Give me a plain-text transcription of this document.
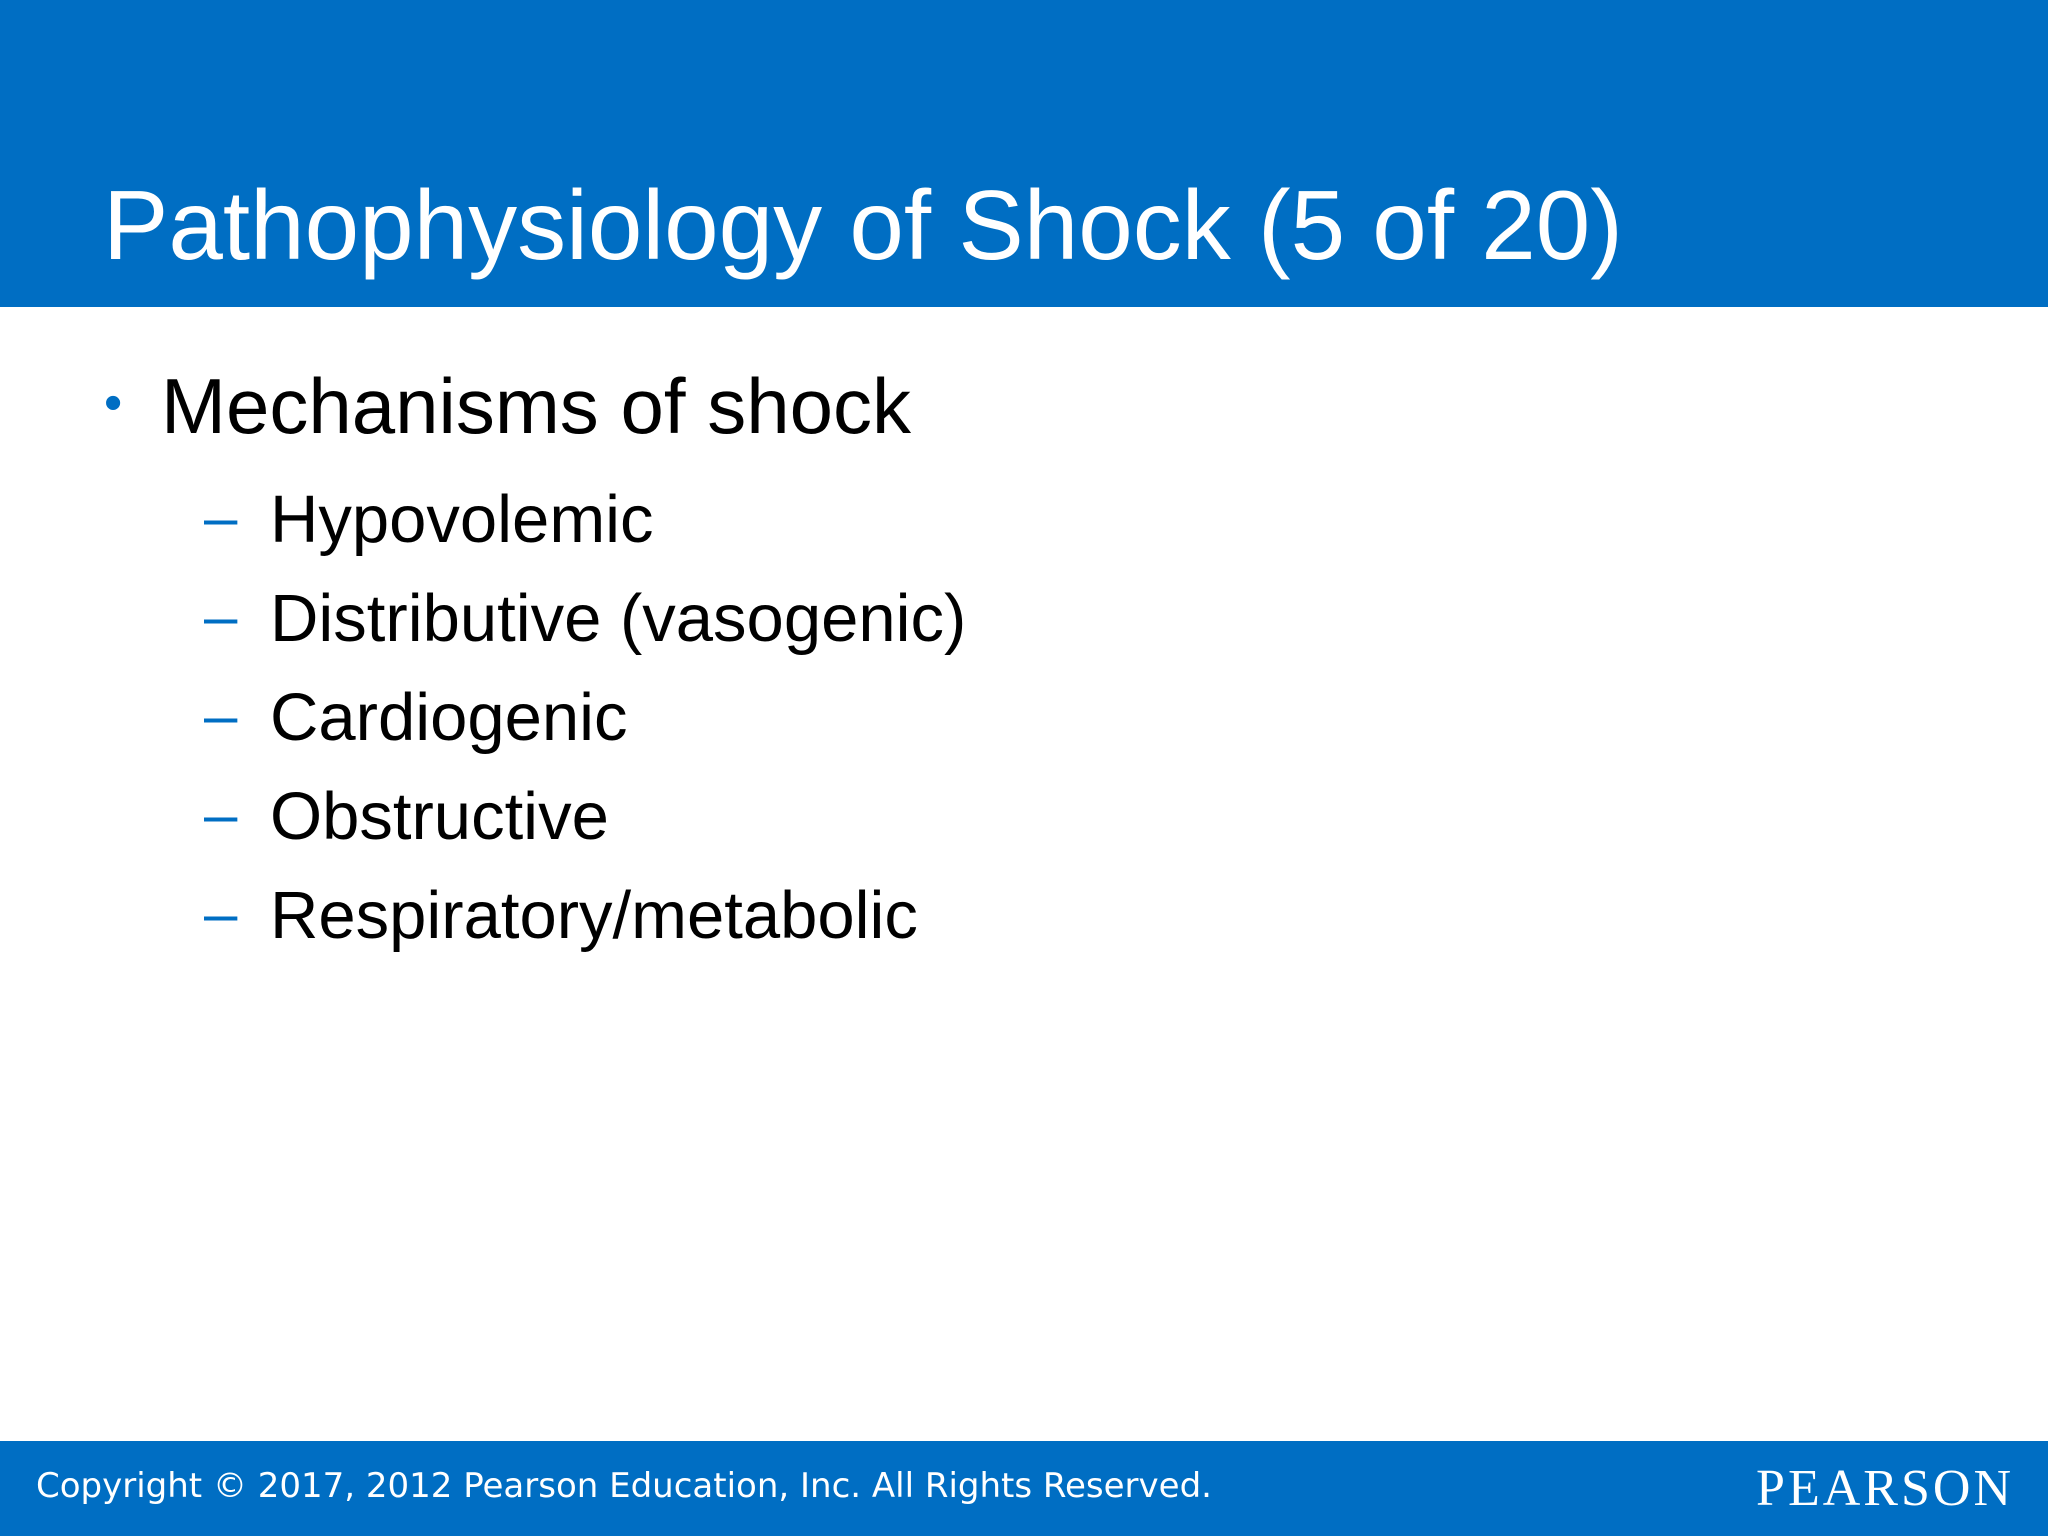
Pathophysiology of Shock (5 of 20)
• Mechanisms of shock
– Hypovolemic
– Distributive (vasogenic)
– Cardiogenic
– Obstructive
– Respiratory/metabolic
Copyright © 2017, 2012 Pearson Education, Inc. All Rights Reserved.	PEARSON
